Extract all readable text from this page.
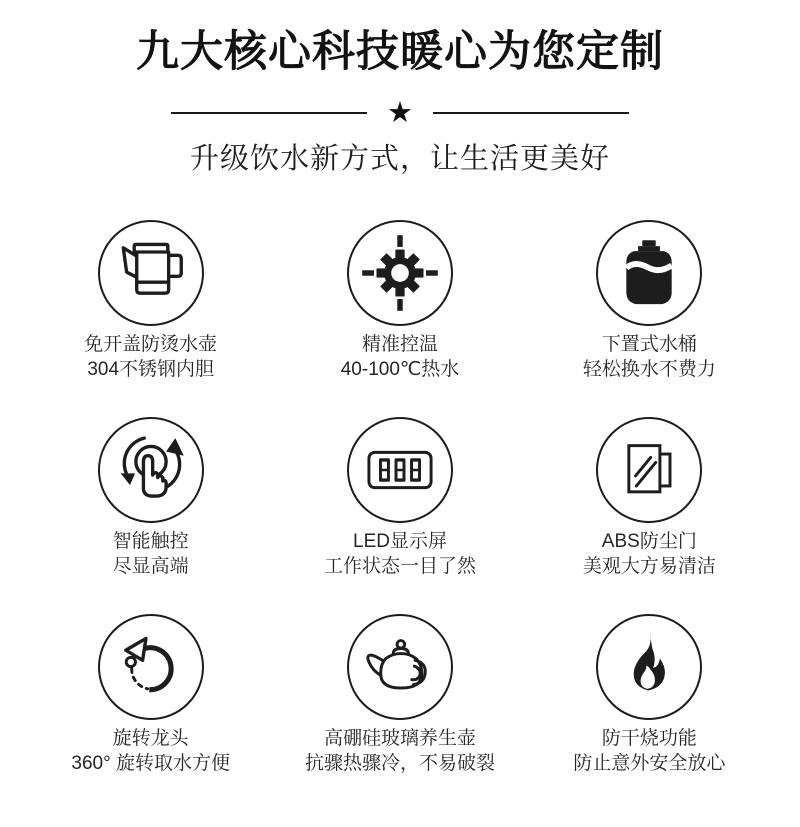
九大核心科技暖心为您定制
★
升级饮水新方式，让生活更美好
免开盖防烫水壶
304不锈钢内胆
精准控温
40-100℃热水
下置式水桶
轻松换水不费力
智能触控
尽显高端
LED显示屏
工作状态一目了然
ABS防尘门
美观大方易清洁
旋转龙头
360° 旋转取水方便
高硼硅玻璃养生壶
抗骤热骤冷，不易破裂
防干烧功能
防止意外安全放心
